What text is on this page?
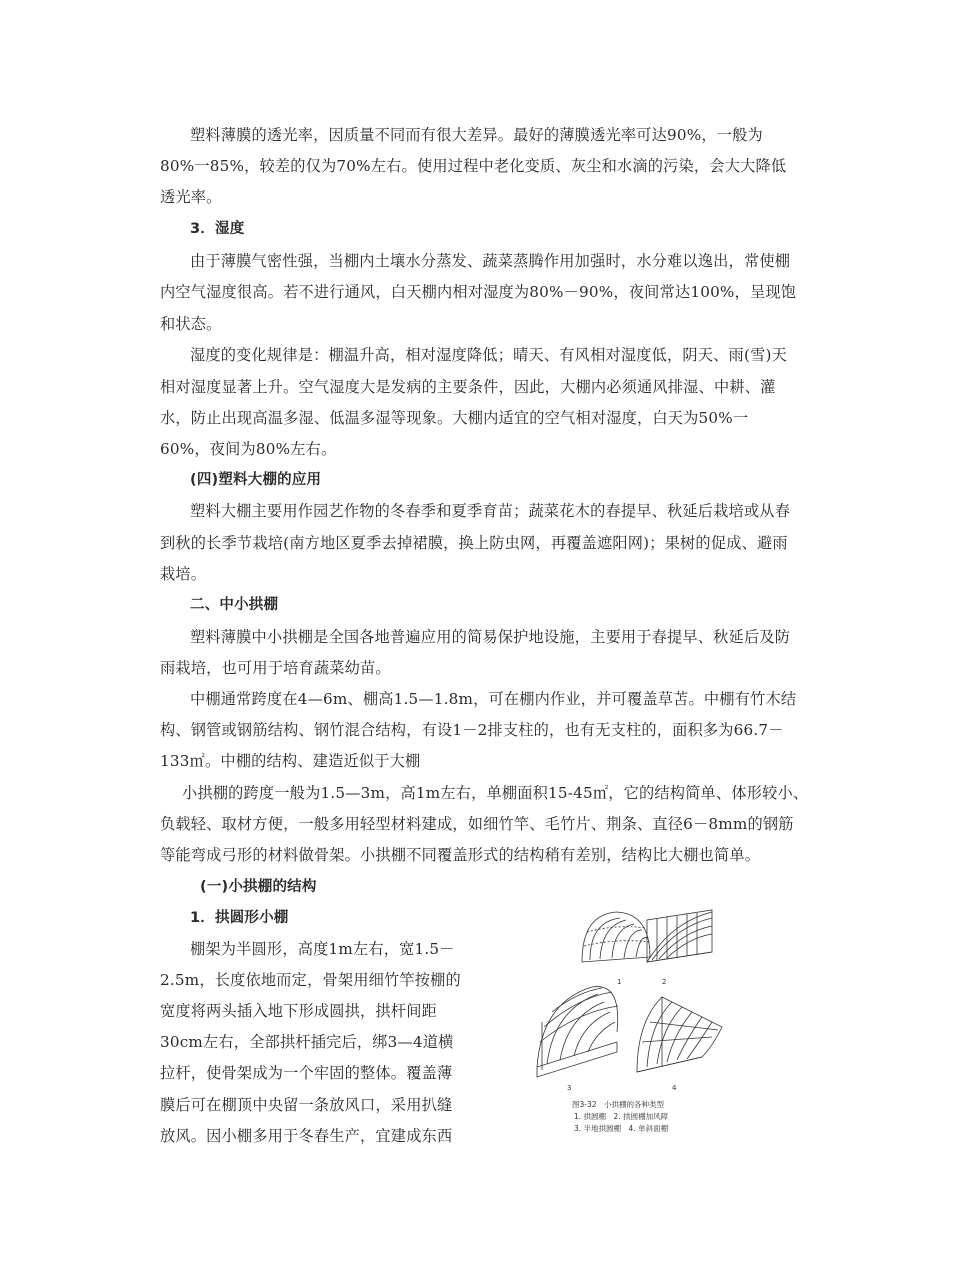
塑料薄膜的透光率，因质量不同而有很大差异。最好的薄膜透光率可达90%，一般为
80%一85%，较差的仅为70%左右。使用过程中老化变质、灰尘和水滴的污染，会大大降低
透光率。
3．湿度
由于薄膜气密性强，当棚内土壤水分蒸发、蔬菜蒸腾作用加强时，水分难以逸出，常使棚
内空气湿度很高。若不进行通风，白天棚内相对湿度为80%－90%，夜间常达100%，呈现饱
和状态。
湿度的变化规律是：棚温升高，相对湿度降低；晴天、有风相对湿度低，阴天、雨(雪)天
相对湿度显著上升。空气湿度大是发病的主要条件，因此，大棚内必须通风排湿、中耕、灌
水，防止出现高温多湿、低温多湿等现象。大棚内适宜的空气相对湿度，白天为50%一
60%，夜间为80%左右。
(四)塑料大棚的应用
塑料大棚主要用作园艺作物的冬春季和夏季育苗；蔬菜花木的春提早、秋延后栽培或从春
到秋的长季节栽培(南方地区夏季去掉裙膜，换上防虫网，再覆盖遮阳网)；果树的促成、避雨
栽培。
二、中小拱棚
塑料薄膜中小拱棚是全国各地普遍应用的简易保护地设施，主要用于春提早、秋延后及防
雨栽培，也可用于培育蔬菜幼苗。
中棚通常跨度在4—6m、棚高1.5—1.8m，可在棚内作业，并可覆盖草苫。中棚有竹木结
构、钢管或钢筋结构、钢竹混合结构，有设1－2排支柱的，也有无支柱的，面积多为66.7－
133㎡。中棚的结构、建造近似于大棚
小拱棚的跨度一般为1.5—3m，高1m左右，单棚面积15-45㎡，它的结构简单、体形较小、
负载轻、取材方便，一般多用轻型材料建成，如细竹竿、毛竹片、荆条、直径6－8mm的钢筋
等能弯成弓形的材料做骨架。小拱棚不同覆盖形式的结构稍有差别，结构比大棚也简单。
(一)小拱棚的结构
1．拱圆形小棚
棚架为半圆形，高度1m左右，宽1.5－
2.5m，长度依地而定，骨架用细竹竿按棚的
宽度将两头插入地下形成圆拱，拱杆间距
30cm左右，全部拱杆插完后，绑3—4道横
拉杆，使骨架成为一个牢固的整体。覆盖薄
膜后可在棚顶中央留一条放风口，采用扒缝
放风。因小棚多用于冬春生产，宜建成东西
1	2
3	4
图3-32　小拱棚的各种类型
1. 拱圆棚　2. 拱圆棚加风障
3. 半地拱圆棚　4. 单斜面棚
